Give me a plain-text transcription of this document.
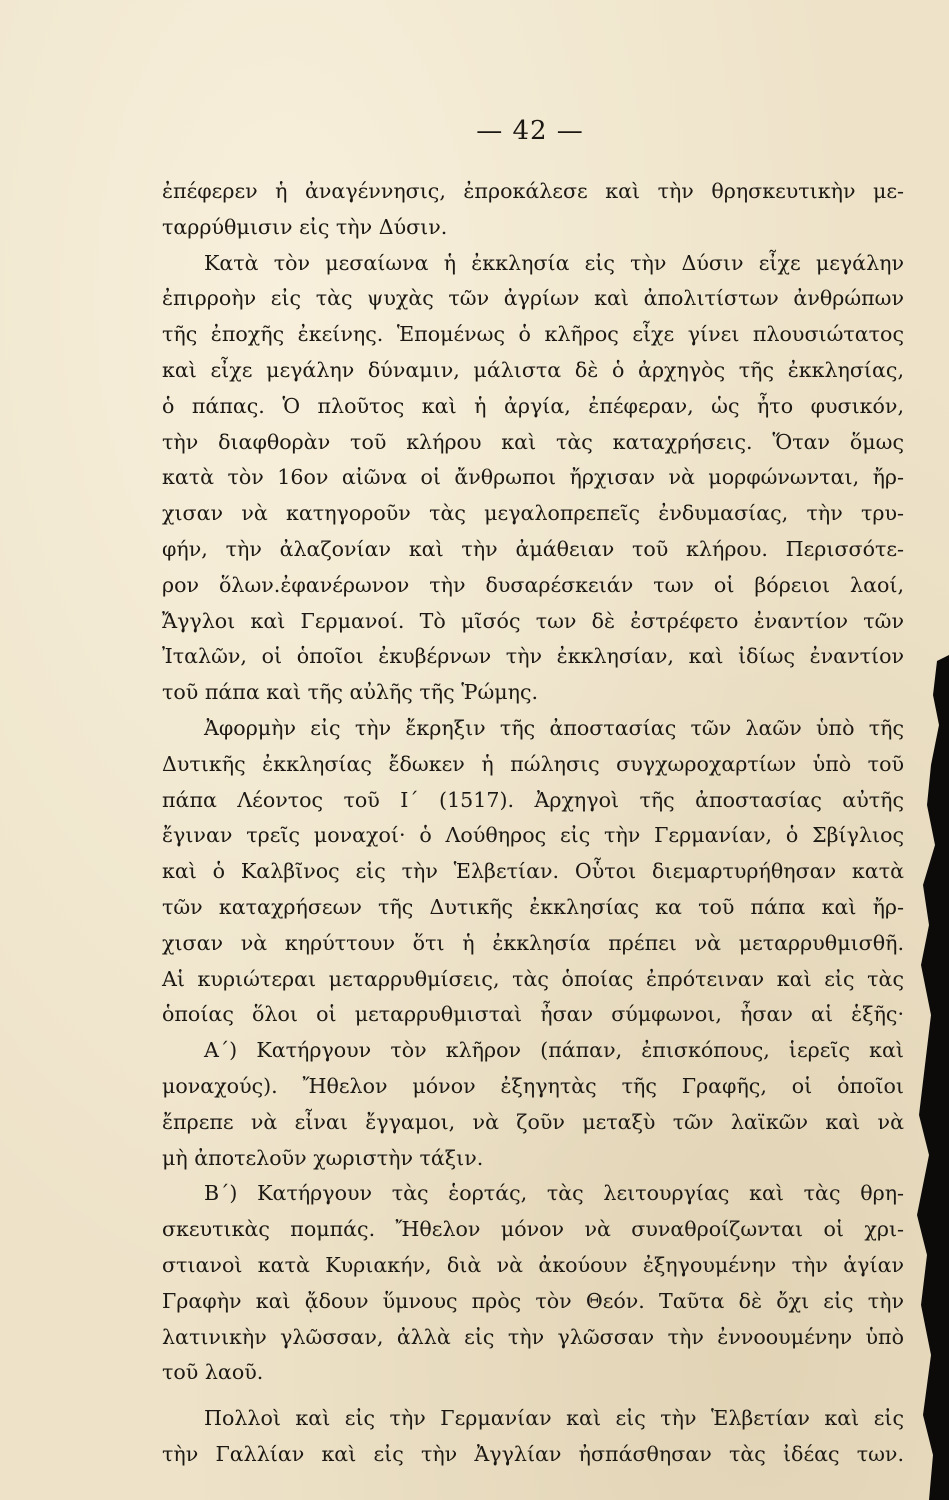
— 42 —
ἐπέφερεν ἡ ἀναγέννησις, ἐπροκάλεσε καὶ τὴν θρησκευτικὴν με-
ταρρύθμισιν εἰς τὴν Δύσιν.
Κατὰ τὸν μεσαίωνα ἡ ἐκκλησία εἰς τὴν Δύσιν εἶχε μεγάλην
ἐπιρροὴν εἰς τὰς ψυχὰς τῶν ἀγρίων καὶ ἀπολιτίστων ἀνθρώπων
τῆς ἐποχῆς ἐκείνης. Ἑπομένως ὁ κλῆρος εἶχε γίνει πλουσιώτατος
καὶ εἶχε μεγάλην δύναμιν, μάλιστα δὲ ὁ ἀρχηγὸς τῆς ἐκκλησίας,
ὁ πάπας. Ὁ πλοῦτος καὶ ἡ ἀργία, ἐπέφεραν, ὡς ἦτο φυσικόν,
τὴν διαφθορὰν τοῦ κλήρου καὶ τὰς καταχρήσεις. Ὅταν ὅμως
κατὰ τὸν 16ον αἰῶνα οἱ ἄνθρωποι ἤρχισαν νὰ μορφώνωνται, ἤρ-
χισαν νὰ κατηγοροῦν τὰς μεγαλοπρεπεῖς ἐνδυμασίας, τὴν τρυ-
φήν, τὴν ἀλαζονίαν καὶ τὴν ἀμάθειαν τοῦ κλήρου. Περισσότε-
ρον ὅλων.ἐφανέρωνον τὴν δυσαρέσκειάν των οἱ βόρειοι λαοί,
Ἄγγλοι καὶ Γερμανοί. Τὸ μῖσός των δὲ ἐστρέφετο ἐναντίον τῶν
Ἰταλῶν, οἱ ὁποῖοι ἐκυβέρνων τὴν ἐκκλησίαν, καὶ ἰδίως ἐναντίον
τοῦ πάπα καὶ τῆς αὐλῆς τῆς Ῥώμης.
Ἀφορμὴν εἰς τὴν ἔκρηξιν τῆς ἀποστασίας τῶν λαῶν ὑπὸ τῆς
Δυτικῆς ἐκκλησίας ἔδωκεν ἡ πώλησις συγχωροχαρτίων ὑπὸ τοῦ
πάπα Λέοντος τοῦ Ι΄ (1517). Ἀρχηγοὶ τῆς ἀποστασίας αὐτῆς
ἔγιναν τρεῖς μοναχοί· ὁ Λούθηρος εἰς τὴν Γερμανίαν, ὁ Σβίγλιος
καὶ ὁ Καλβῖνος εἰς τὴν Ἑλβετίαν. Οὗτοι διεμαρτυρήθησαν κατὰ
τῶν καταχρήσεων τῆς Δυτικῆς ἐκκλησίας κα τοῦ πάπα καὶ ἤρ-
χισαν νὰ κηρύττουν ὅτι ἡ ἐκκλησία πρέπει νὰ μεταρρυθμισθῆ.
Αἱ κυριώτεραι μεταρρυθμίσεις, τὰς ὁποίας ἐπρότειναν καὶ εἰς τὰς
ὁποίας ὅλοι οἱ μεταρρυθμισταὶ ἦσαν σύμφωνοι, ἦσαν αἱ ἑξῆς·
Α΄) Κατήργουν τὸν κλῆρον (πάπαν, ἐπισκόπους, ἱερεῖς καὶ
μοναχούς). Ἤθελον μόνον ἐξηγητὰς τῆς Γραφῆς, οἱ ὁποῖοι
ἔπρεπε νὰ εἶναι ἔγγαμοι, νὰ ζοῦν μεταξὺ τῶν λαϊκῶν καὶ νὰ
μὴ ἀποτελοῦν χωριστὴν τάξιν.
Β΄) Κατήργουν τὰς ἑορτάς, τὰς λειτουργίας καὶ τὰς θρη-
σκευτικὰς πομπάς. Ἤθελον μόνον νὰ συναθροίζωνται οἱ χρι-
στιανοὶ κατὰ Κυριακήν, διὰ νὰ ἀκούουν ἐξηγουμένην τὴν ἁγίαν
Γραφὴν καὶ ᾄδουν ὕμνους πρὸς τὸν Θεόν. Ταῦτα δὲ ὄχι εἰς τὴν
λατινικὴν γλῶσσαν, ἀλλὰ εἰς τὴν γλῶσσαν τὴν ἐννοουμένην ὑπὸ
τοῦ λαοῦ.
Πολλοὶ καὶ εἰς τὴν Γερμανίαν καὶ εἰς τὴν Ἑλβετίαν καὶ εἰς
τὴν Γαλλίαν καὶ εἰς τὴν Ἀγγλίαν ἠσπάσθησαν τὰς ἰδέας των.
